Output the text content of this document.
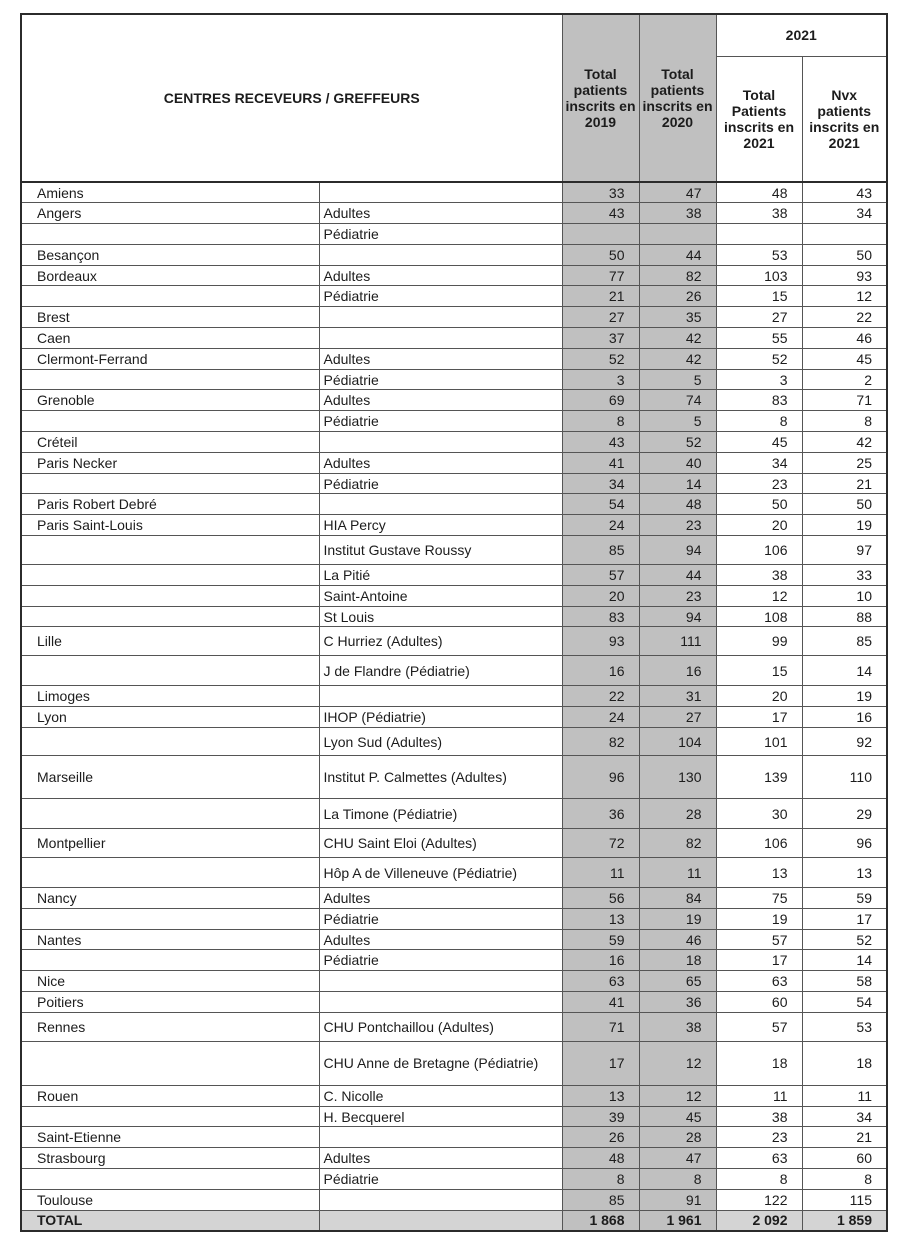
CENTRES RECEVEURS / GREFFEURS		Total
patients
inscrits en
2019	Total
patients
inscrits en
2020	2021	

				Total
Patients
inscrits en
2021	Nvx
patients
inscrits en
2021

Amiens		33	47	48	43
Angers	Adultes	43	38	38	34
	Pédiatrie				
Besançon		50	44	53	50
Bordeaux	Adultes	77	82	103	93
	Pédiatrie	21	26	15	12
Brest		27	35	27	22
Caen		37	42	55	46
Clermont-Ferrand	Adultes	52	42	52	45
	Pédiatrie	3	5	3	2
Grenoble	Adultes	69	74	83	71
	Pédiatrie	8	5	8	8
Créteil		43	52	45	42
Paris Necker	Adultes	41	40	34	25
	Pédiatrie	34	14	23	21
Paris Robert Debré		54	48	50	50
Paris Saint-Louis	HIA Percy	24	23	20	19
	Institut Gustave Roussy	85	94	106	97
	La Pitié	57	44	38	33
	Saint-Antoine	20	23	12	10
	St Louis	83	94	108	88
Lille	C Hurriez (Adultes)	93	111	99	85
	J de Flandre (Pédiatrie)	16	16	15	14
Limoges		22	31	20	19
Lyon	IHOP (Pédiatrie)	24	27	17	16
	Lyon Sud (Adultes)	82	104	101	92
Marseille	Institut P. Calmettes (Adultes)	96	130	139	110
	La Timone (Pédiatrie)	36	28	30	29
Montpellier	CHU Saint Eloi (Adultes)	72	82	106	96
	Hôp A de Villeneuve (Pédiatrie)	11	11	13	13
Nancy	Adultes	56	84	75	59
	Pédiatrie	13	19	19	17
Nantes	Adultes	59	46	57	52
	Pédiatrie	16	18	17	14
Nice		63	65	63	58
Poitiers		41	36	60	54
Rennes	CHU Pontchaillou (Adultes)	71	38	57	53
	CHU Anne de Bretagne (Pédiatrie)	17	12	18	18
Rouen	C. Nicolle	13	12	11	11
	H. Becquerel	39	45	38	34
Saint-Etienne		26	28	23	21
Strasbourg	Adultes	48	47	63	60
	Pédiatrie	8	8	8	8
Toulouse		85	91	122	115
TOTAL		1 868	1 961	2 092	1 859
